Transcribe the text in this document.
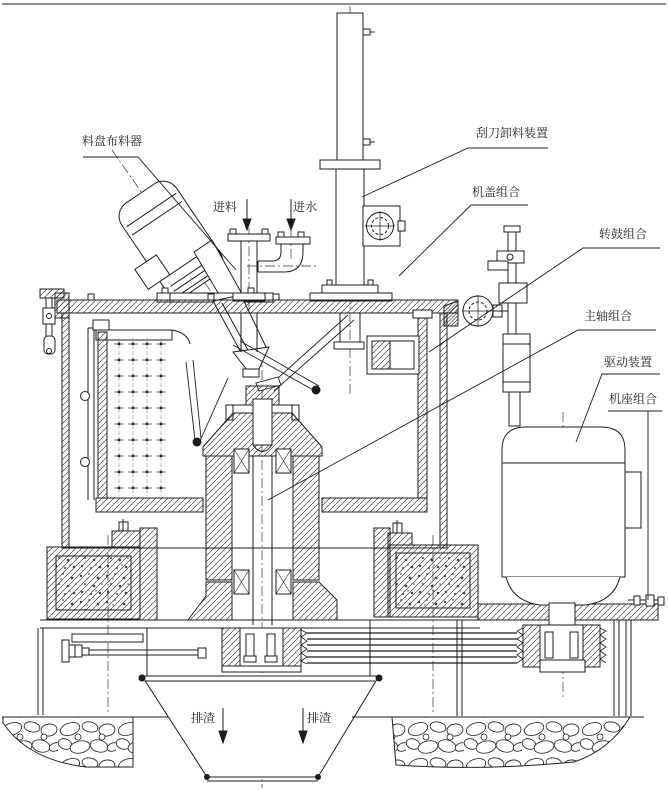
料盘布料器
进料	进水
刮刀卸料装置
机盖组合
转鼓组合
主轴组合
驱动装置
机座组合
排渣	排渣
